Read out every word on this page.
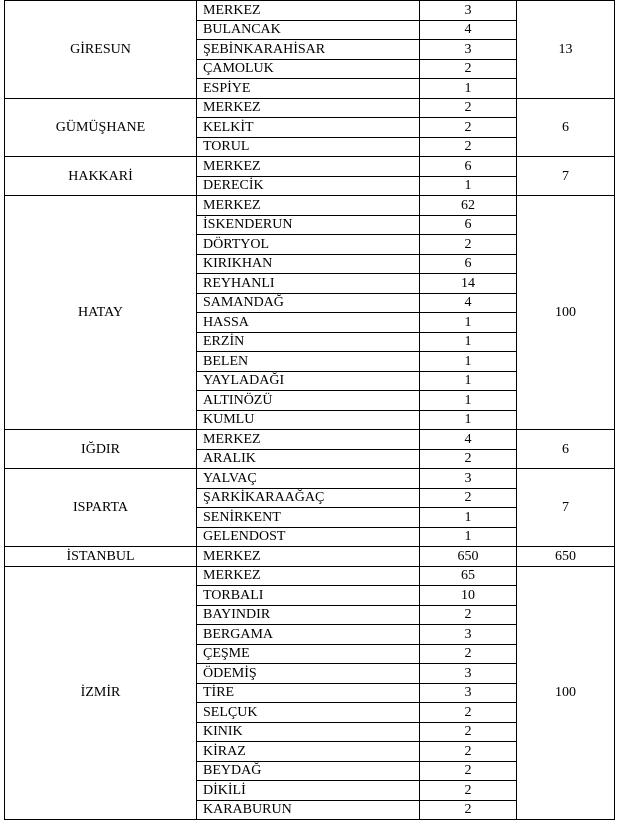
GİRESUN	MERKEZ	3	13
	BULANCAK	4	
	ŞEBİNKARAHİSAR	3	
	ÇAMOLUK	2	
	ESPİYE	1	
GÜMÜŞHANE	MERKEZ	2	6
	KELKİT	2	
	TORUL	2	
HAKKARİ	MERKEZ	6	7
	DERECİK	1	
HATAY	MERKEZ	62	100
	İSKENDERUN	6	
	DÖRTYOL	2	
	KIRIKHAN	6	
	REYHANLI	14	
	SAMANDAĞ	4	
	HASSA	1	
	ERZİN	1	
	BELEN	1	
	YAYLADAĞI	1	
	ALTINÖZÜ	1	
	KUMLU	1	
IĞDIR	MERKEZ	4	6
	ARALIK	2	
ISPARTA	YALVAÇ	3	7
	ŞARKİKARAAĞAÇ	2	
	SENİRKENT	1	
	GELENDOST	1	
İSTANBUL	MERKEZ	650	650
İZMİR	MERKEZ	65	100
	TORBALI	10	
	BAYINDIR	2	
	BERGAMA	3	
	ÇEŞME	2	
	ÖDEMİŞ	3	
	TİRE	3	
	SELÇUK	2	
	KINIK	2	
	KİRAZ	2	
	BEYDAĞ	2	
	DİKİLİ	2	
	KARABURUN	2	
